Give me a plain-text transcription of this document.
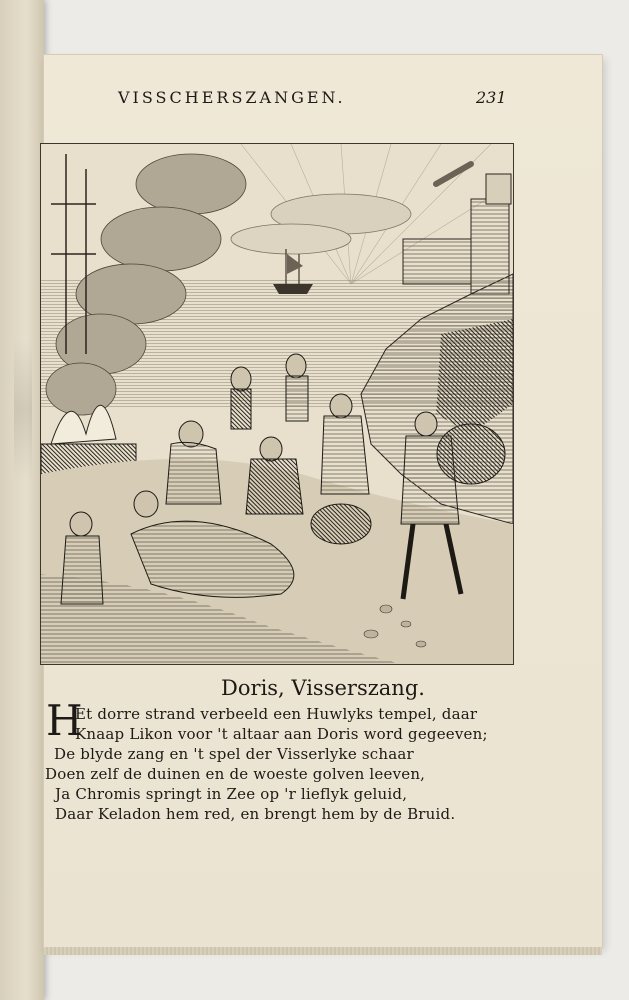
VISSCHERSZANGEN.	231
Doris, Visserszang.
H
Et dorre strand verbeeld een Huwlyks tempel, daar
Knaap Likon voor 't altaar aan Doris word gegeeven;
De blyde zang en 't spel der Visserlyke schaar
Doen zelf de duinen en de woeste golven leeven,
Ja Chromis springt in Zee op 'r lieflyk geluid,
Daar Keladon hem red, en brengt hem by de Bruid.
